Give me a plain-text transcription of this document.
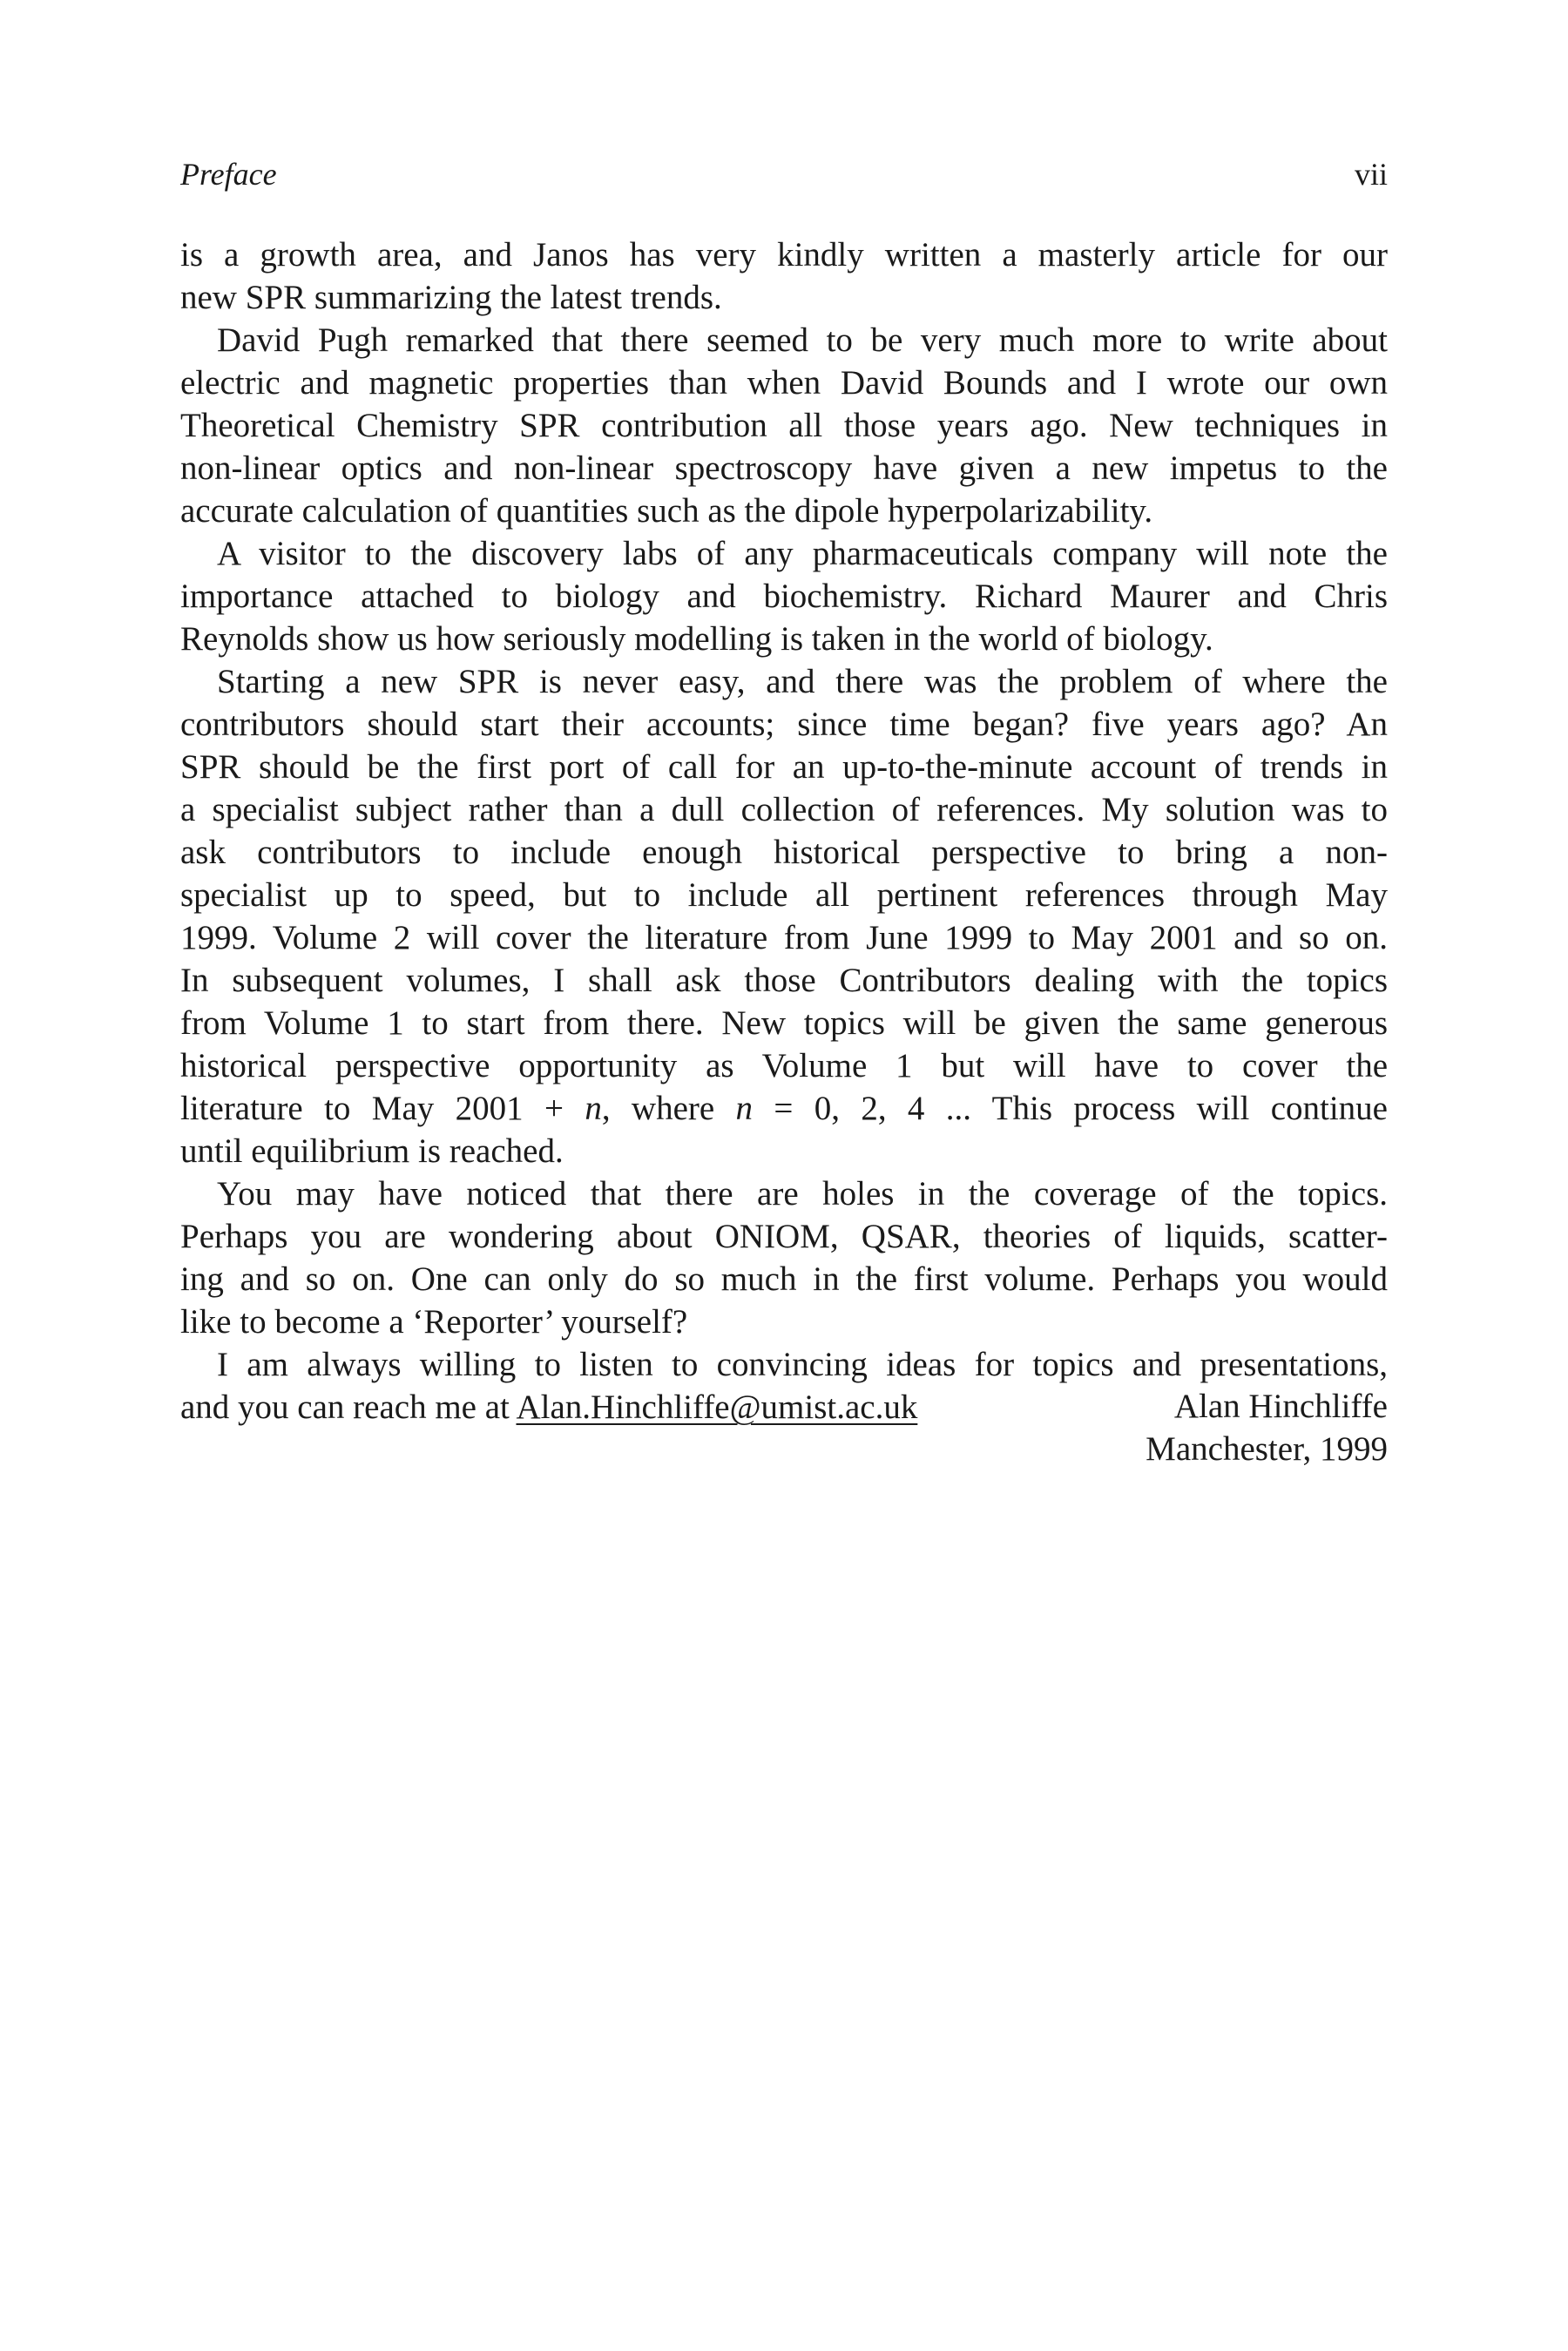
Preface	vii
is a growth area, and Janos has very kindly written a masterly article for our
new SPR summarizing the latest trends.
David Pugh remarked that there seemed to be very much more to write about
electric and magnetic properties than when David Bounds and I wrote our own
Theoretical Chemistry SPR contribution all those years ago. New techniques in
non-linear optics and non-linear spectroscopy have given a new impetus to the
accurate calculation of quantities such as the dipole hyperpolarizability.
A visitor to the discovery labs of any pharmaceuticals company will note the
importance attached to biology and biochemistry. Richard Maurer and Chris
Reynolds show us how seriously modelling is taken in the world of biology.
Starting a new SPR is never easy, and there was the problem of where the
contributors should start their accounts; since time began? five years ago? An
SPR should be the first port of call for an up-to-the-minute account of trends in
a specialist subject rather than a dull collection of references. My solution was to
ask contributors to include enough historical perspective to bring a non-
specialist up to speed, but to include all pertinent references through May
1999. Volume 2 will cover the literature from June 1999 to May 2001 and so on.
In subsequent volumes, I shall ask those Contributors dealing with the topics
from Volume 1 to start from there. New topics will be given the same generous
historical perspective opportunity as Volume 1 but will have to cover the
literature to May 2001 + n, where n = 0, 2, 4 ... This process will continue
until equilibrium is reached.
You may have noticed that there are holes in the coverage of the topics.
Perhaps you are wondering about ONIOM, QSAR, theories of liquids, scatter-
ing and so on. One can only do so much in the first volume. Perhaps you would
like to become a ‘Reporter’ yourself?
I am always willing to listen to convincing ideas for topics and presentations,
and you can reach me at Alan.Hinchliffe@umist.ac.uk	Alan Hinchliffe
Manchester, 1999
